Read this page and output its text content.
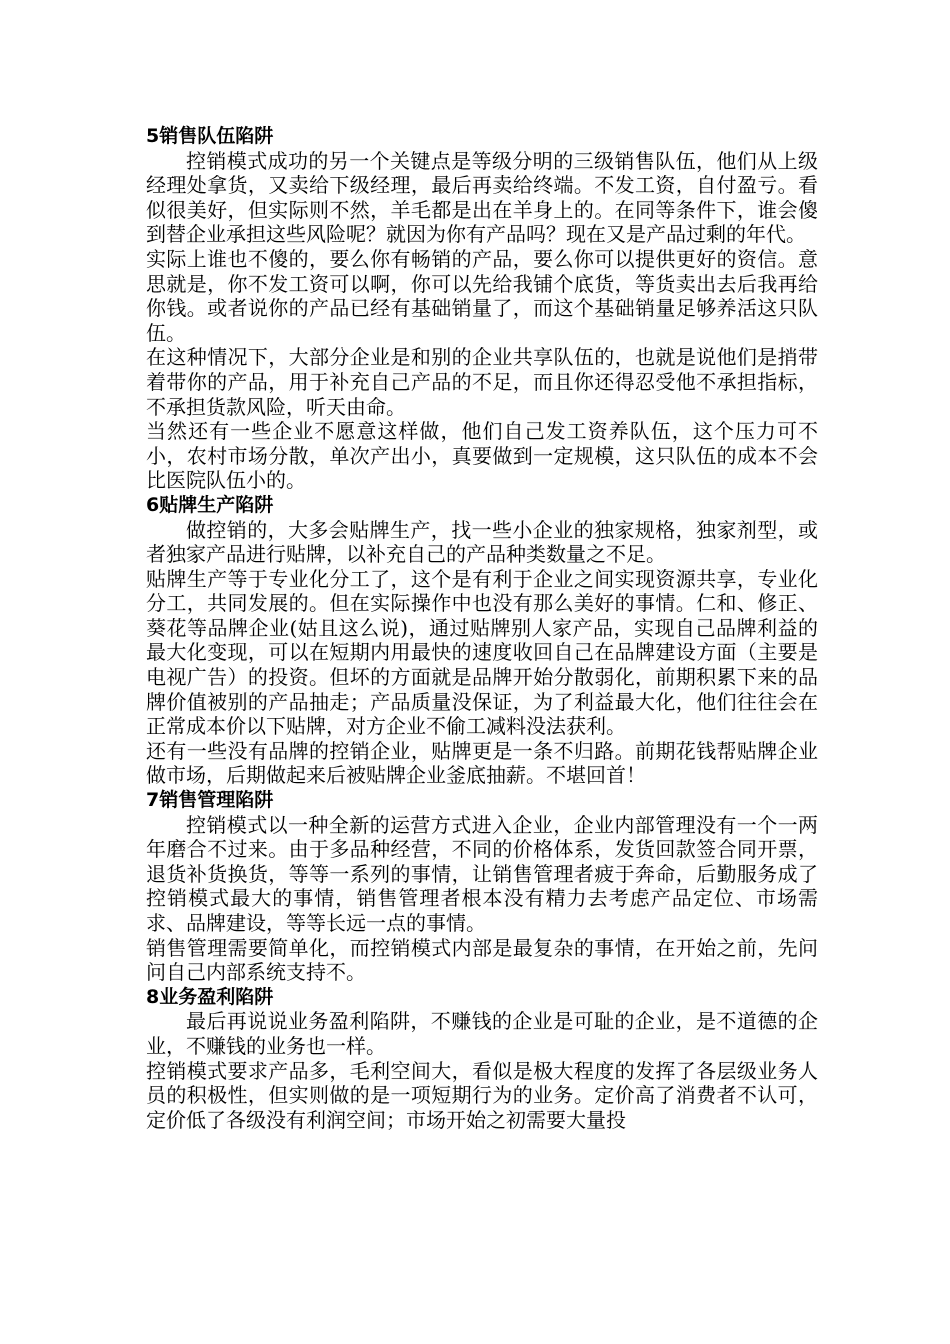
5销售队伍陷阱

控销模式成功的另一个关键点是等级分明的三级销售队伍，他们从上级经理处拿货，又卖给下级经理，最后再卖给终端。不发工资，自付盈亏。看似很美好，但实际则不然，羊毛都是出在羊身上的。在同等条件下，谁会傻到替企业承担这些风险呢？就因为你有产品吗？现在又是产品过剩的年代。

实际上谁也不傻的，要么你有畅销的产品，要么你可以提供更好的资信。意思就是，你不发工资可以啊，你可以先给我铺个底货，等货卖出去后我再给你钱。或者说你的产品已经有基础销量了，而这个基础销量足够养活这只队伍。

在这种情况下，大部分企业是和别的企业共享队伍的，也就是说他们是捎带着带你的产品，用于补充自己产品的不足，而且你还得忍受他不承担指标，不承担货款风险，听天由命。

当然还有一些企业不愿意这样做，他们自己发工资养队伍，这个压力可不小，农村市场分散，单次产出小，真要做到一定规模，这只队伍的成本不会比医院队伍小的。

6贴牌生产陷阱

做控销的，大多会贴牌生产，找一些小企业的独家规格，独家剂型，或者独家产品进行贴牌，以补充自己的产品种类数量之不足。

贴牌生产等于专业化分工了，这个是有利于企业之间实现资源共享，专业化分工，共同发展的。但在实际操作中也没有那么美好的事情。仁和、修正、葵花等品牌企业(姑且这么说)，通过贴牌别人家产品，实现自己品牌利益的最大化变现，可以在短期内用最快的速度收回自己在品牌建设方面（主要是电视广告）的投资。但坏的方面就是品牌开始分散弱化，前期积累下来的品牌价值被别的产品抽走；产品质量没保证，为了利益最大化，他们往往会在正常成本价以下贴牌，对方企业不偷工减料没法获利。

还有一些没有品牌的控销企业，贴牌更是一条不归路。前期花钱帮贴牌企业做市场，后期做起来后被贴牌企业釜底抽薪。不堪回首！

7销售管理陷阱

控销模式以一种全新的运营方式进入企业，企业内部管理没有一个一两年磨合不过来。由于多品种经营，不同的价格体系，发货回款签合同开票，退货补货换货，等等一系列的事情，让销售管理者疲于奔命，后勤服务成了控销模式最大的事情，销售管理者根本没有精力去考虑产品定位、市场需求、品牌建设，等等长远一点的事情。

销售管理需要简单化，而控销模式内部是最复杂的事情，在开始之前，先问问自己内部系统支持不。

8业务盈利陷阱

最后再说说业务盈利陷阱，不赚钱的企业是可耻的企业，是不道德的企业，不赚钱的业务也一样。

控销模式要求产品多，毛利空间大，看似是极大程度的发挥了各层级业务人员的积极性，但实则做的是一项短期行为的业务。定价高了消费者不认可，定价低了各级没有利润空间；市场开始之初需要大量投
